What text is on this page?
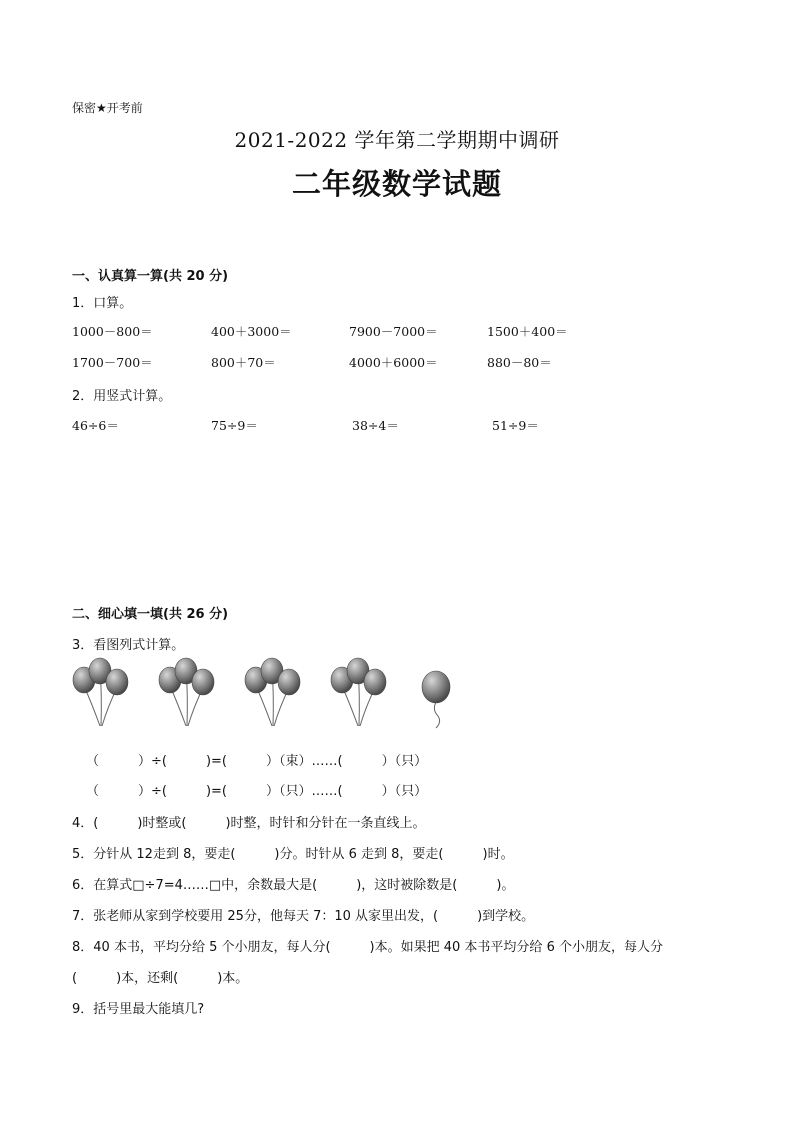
保密★开考前
2021-2022 学年第二学期期中调研
二年级数学试题
一、认真算一算(共 20 分)
1．口算。
1000－800＝	400＋3000＝	7900－7000＝	1500＋400＝
1700－700＝	800＋70＝	4000＋6000＝	880－80＝
2．用竖式计算。
46÷6＝	75÷9＝	38÷4＝	51÷9＝
二、细心填一填(共 26 分)
3．看图列式计算。
（　　　）÷(　　　)=(　　　）（束）……(　　　）（只）
（　　　）÷(　　　)=(　　　）（只）……(　　　）（只）
4．(　　　)时整或(　　　)时整，时针和分针在一条直线上。
5．分针从 12走到 8，要走(　　　)分。时针从 6 走到 8，要走(　　　)时。
6．在算式□÷7=4……□中，余数最大是(　　　)，这时被除数是(　　　)。
7．张老师从家到学校要用 25分，他每天 7：10 从家里出发，(　　　)到学校。
8．40 本书，平均分给 5 个小朋友，每人分(　　　)本。如果把 40 本书平均分给 6 个小朋友，每人分
(　　　)本，还剩(　　　)本。
9．括号里最大能填几?
